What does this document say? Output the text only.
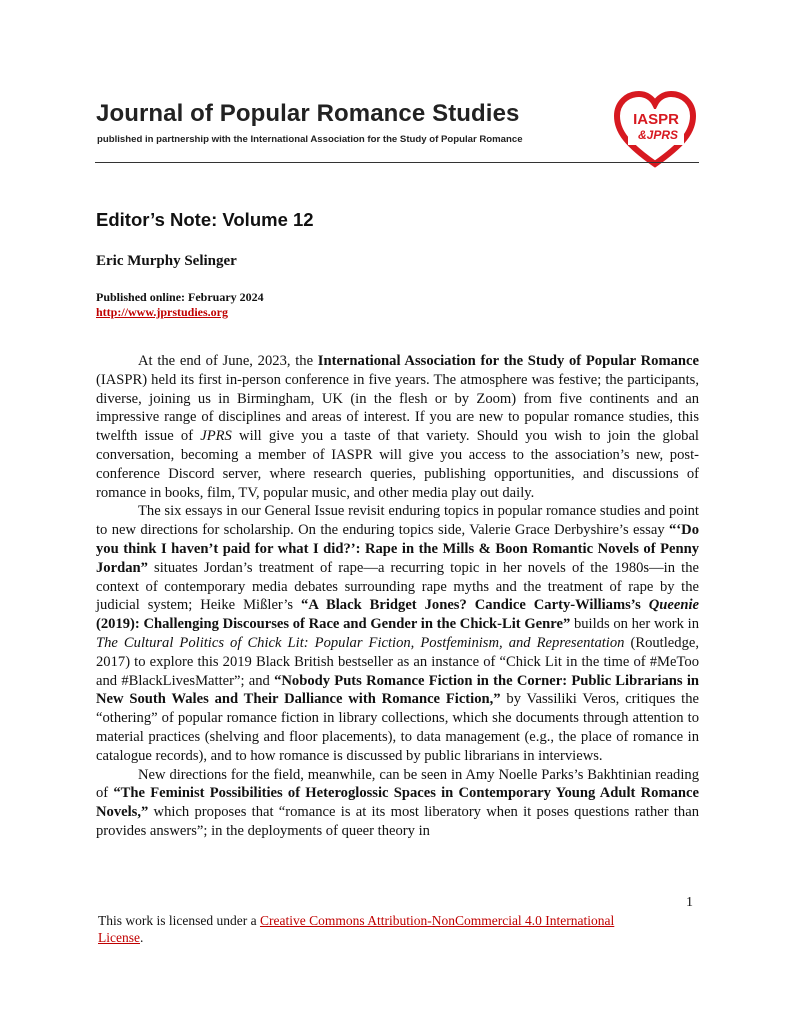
Journal of Popular Romance Studies
published in partnership with the International Association for the Study of Popular Romance
IASPR
&JPRS
Editor’s Note: Volume 12
Eric Murphy Selinger
Published online: February 2024
http://www.jprstudies.org

At the end of June, 2023, the International Association for the Study of Popular Romance (IASPR) held its first in-person conference in five years. The atmosphere was festive; the participants, diverse, joining us in Birmingham, UK (in the flesh or by Zoom) from five continents and an impressive range of disciplines and areas of interest. If you are new to popular romance studies, this twelfth issue of JPRS will give you a taste of that variety. Should you wish to join the global conversation, becoming a member of IASPR will give you access to the association’s new, post-conference Discord server, where research queries, publishing opportunities, and discussions of romance in books, film, TV, popular music, and other media play out daily.

The six essays in our General Issue revisit enduring topics in popular romance studies and point to new directions for scholarship. On the enduring topics side, Valerie Grace Derbyshire’s essay “‘Do you think I haven’t paid for what I did?’: Rape in the Mills & Boon Romantic Novels of Penny Jordan” situates Jordan’s treatment of rape—a recurring topic in her novels of the 1980s—in the context of contemporary media debates surrounding rape myths and the treatment of rape by the judicial system; Heike Mißler’s “A Black Bridget Jones? Candice Carty-Williams’s Queenie (2019): Challenging Discourses of Race and Gender in the Chick-Lit Genre” builds on her work in The Cultural Politics of Chick Lit: Popular Fiction, Postfeminism, and Representation (Routledge, 2017) to explore this 2019 Black British bestseller as an instance of “Chick Lit in the time of #MeToo and #BlackLivesMatter”; and “Nobody Puts Romance Fiction in the Corner: Public Librarians in New South Wales and Their Dalliance with Romance Fiction,” by Vassiliki Veros, critiques the “othering” of popular romance fiction in library collections, which she documents through attention to material practices (shelving and floor placements), to data management (e.g., the place of romance in catalogue records), and to how romance is discussed by public librarians in interviews.

New directions for the field, meanwhile, can be seen in Amy Noelle Parks’s Bakhtinian reading of “The Feminist Possibilities of Heteroglossic Spaces in Contemporary Young Adult Romance Novels,” which proposes that “romance is at its most liberatory when it poses questions rather than provides answers”; in the deployments of queer theory in

1
This work is licensed under a Creative Commons Attribution-NonCommercial 4.0 International License.
